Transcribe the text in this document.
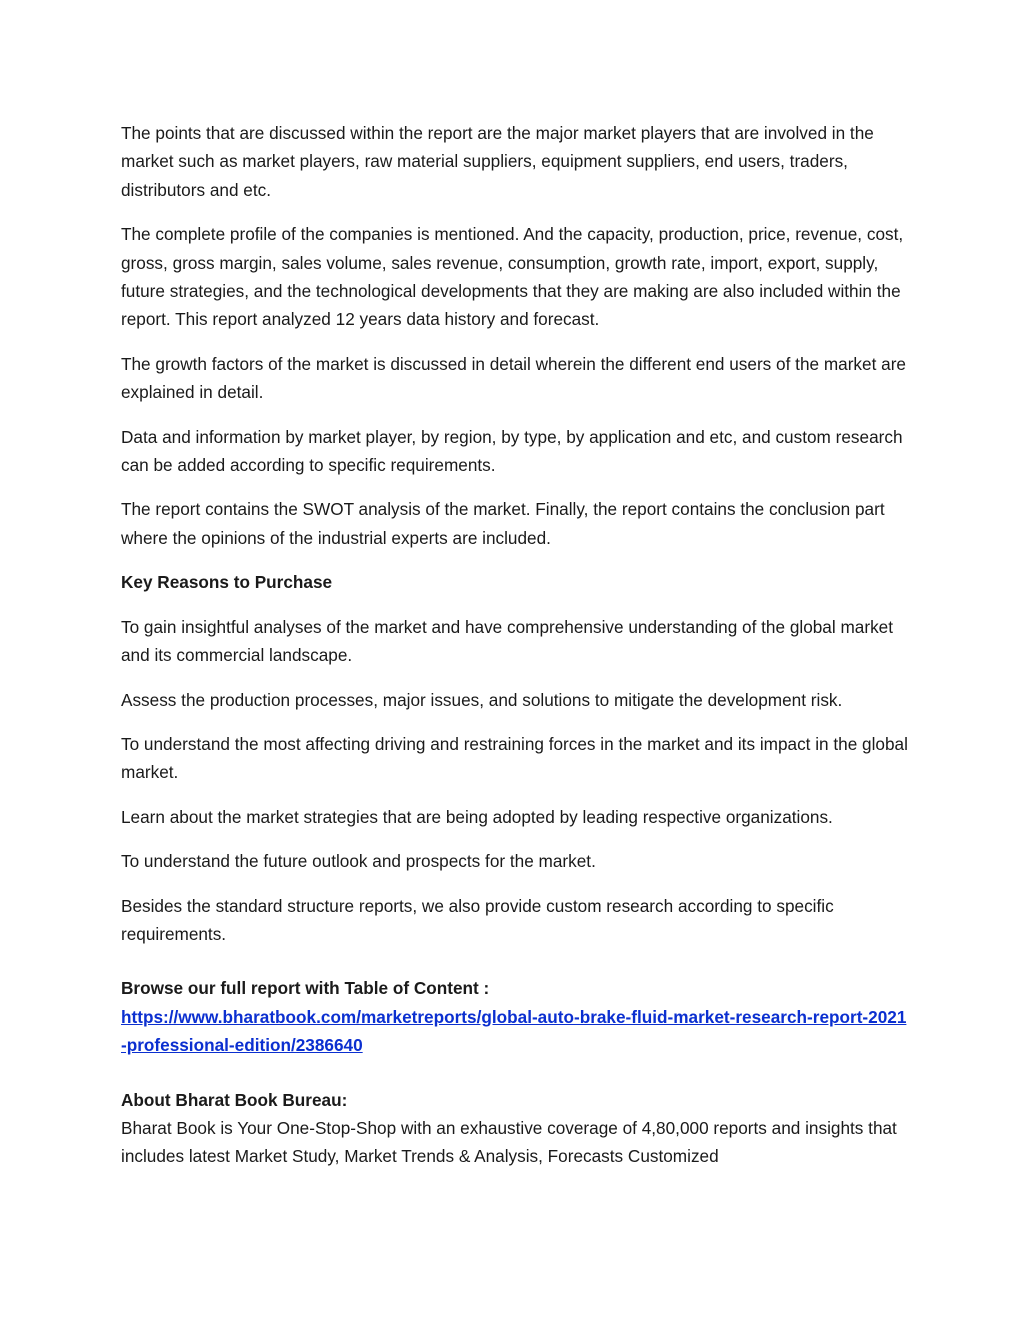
The points that are discussed within the report are the major market players that are involved in the market such as market players, raw material suppliers, equipment suppliers, end users, traders, distributors and etc.

The complete profile of the companies is mentioned. And the capacity, production, price, revenue, cost, gross, gross margin, sales volume, sales revenue, consumption, growth rate, import, export, supply, future strategies, and the technological developments that they are making are also included within the report. This report analyzed 12 years data history and forecast.

The growth factors of the market is discussed in detail wherein the different end users of the market are explained in detail.

Data and information by market player, by region, by type, by application and etc, and custom research can be added according to specific requirements.

The report contains the SWOT analysis of the market. Finally, the report contains the conclusion part where the opinions of the industrial experts are included.

Key Reasons to Purchase

To gain insightful analyses of the market and have comprehensive understanding of the global market and its commercial landscape.

Assess the production processes, major issues, and solutions to mitigate the development risk.

To understand the most affecting driving and restraining forces in the market and its impact in the global market.

Learn about the market strategies that are being adopted by leading respective organizations.

To understand the future outlook and prospects for the market.

Besides the standard structure reports, we also provide custom research according to specific requirements.

Browse our full report with Table of Content :
https://www.bharatbook.com/marketreports/global-auto-brake-fluid-market-research-report-2021-professional-edition/2386640

About Bharat Book Bureau:
Bharat Book is Your One-Stop-Shop with an exhaustive coverage of 4,80,000 reports and insights that includes latest Market Study, Market Trends & Analysis, Forecasts Customized
